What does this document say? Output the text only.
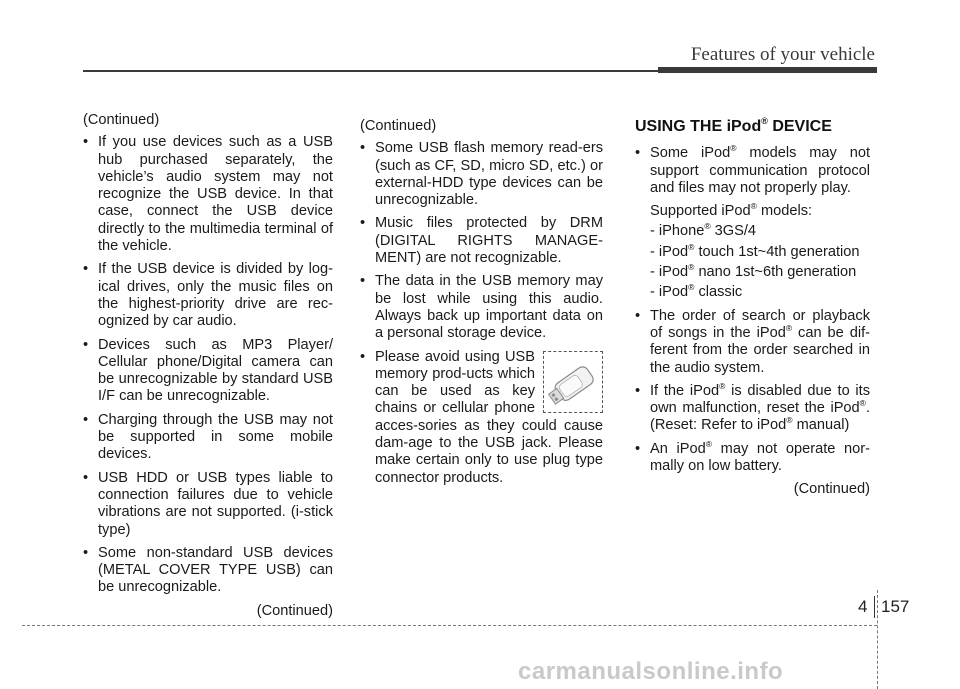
Features of your vehicle

(Continued)

• If you use devices such as a USB hub purchased separately, the vehicle’s audio system may not recognize the USB device. In that case, connect the USB device directly to the multimedia terminal of the vehicle.

• If the USB device is divided by log-ical drives, only the music files on the highest-priority drive are rec-ognized by car audio.

• Devices such as MP3 Player/ Cellular phone/Digital camera can be unrecognizable by standard USB I/F can be unrecognizable.

• Charging through the USB may not be supported in some mobile devices.

• USB HDD or USB types liable to connection failures due to vehicle vibrations are not supported. (i-stick type)

• Some non-standard USB devices (METAL COVER TYPE USB) can be unrecognizable.

(Continued)

(Continued)

• Some USB flash memory read-ers (such as CF, SD, micro SD, etc.) or external-HDD type devices can be unrecognizable.

• Music files protected by DRM (DIGITAL RIGHTS MANAGE-MENT) are not recognizable.

• The data in the USB memory may be lost while using this audio. Always back up important data on a personal storage device.

• Please avoid using USB memory prod-ucts which can be used as key chains or cellular phone acces-sories as they could cause dam-age to the USB jack. Please make certain only to use plug type connector products.

USING THE iPod® DEVICE
• Some iPod® models may not support communication protocol and files may not properly play.

Supported iPod® models:

- iPhone® 3GS/4

- iPod® touch 1st~4th generation

- iPod® nano 1st~6th generation

- iPod® classic

• The order of search or playback of songs in the iPod® can be dif-ferent from the order searched in the audio system.

• If the iPod® is disabled due to its own malfunction, reset the iPod®. (Reset: Refer to iPod® manual)

• An iPod® may not operate nor-mally on low battery.

(Continued)

4 157
carmanualsonline.info
